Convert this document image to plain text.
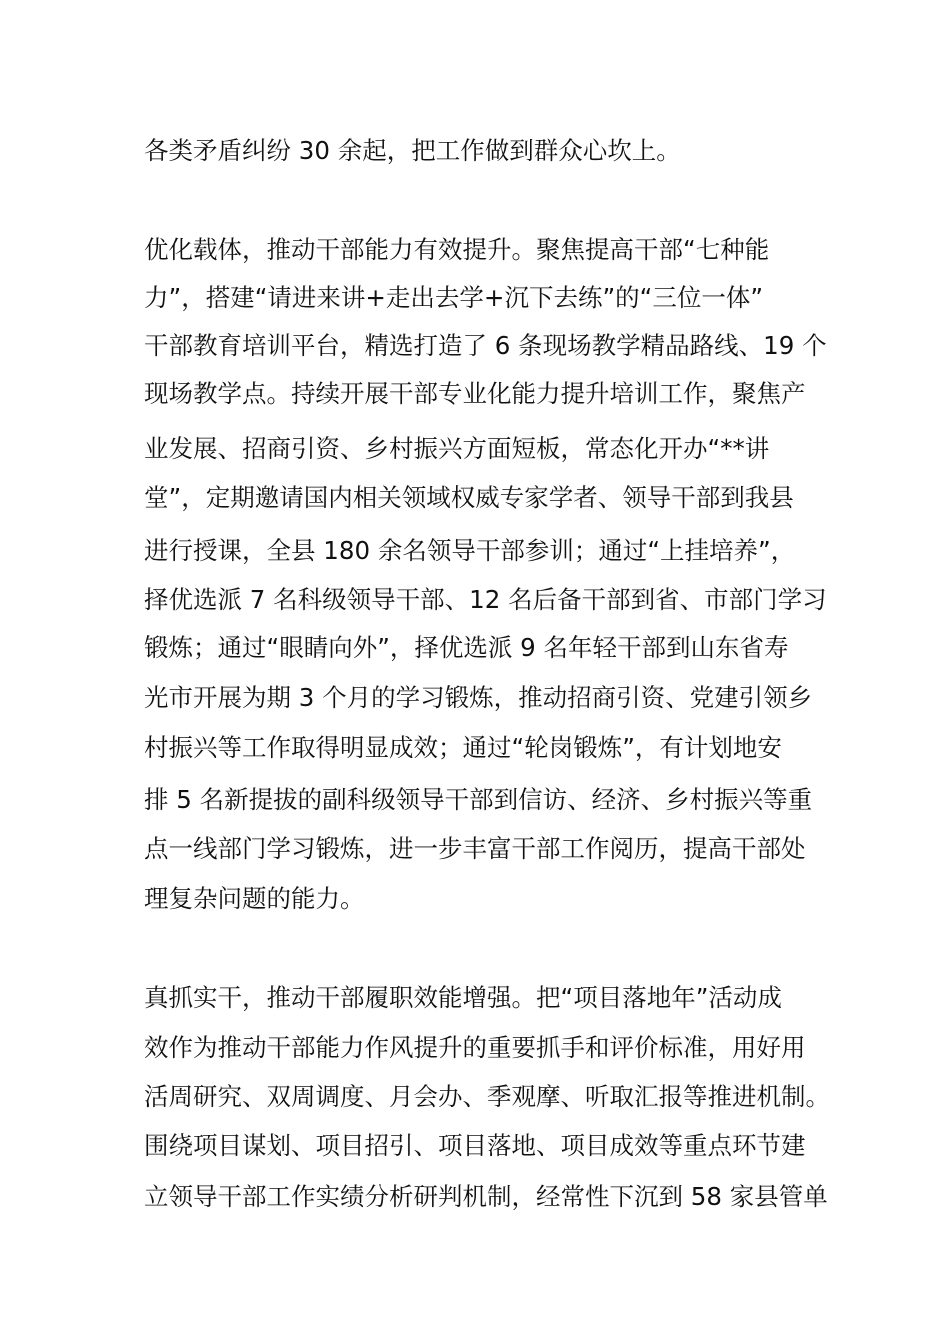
各类矛盾纠纷 30 余起，把工作做到群众心坎上。
优化载体，推动干部能力有效提升。聚焦提高干部“七种能
力”，搭建“请进来讲+走出去学+沉下去练”的“三位一体”
干部教育培训平台，精选打造了 6 条现场教学精品路线、19 个
现场教学点。持续开展干部专业化能力提升培训工作，聚焦产
业发展、招商引资、乡村振兴方面短板，常态化开办“**讲
堂”，定期邀请国内相关领域权威专家学者、领导干部到我县
进行授课，全县 180 余名领导干部参训；通过“上挂培养”，
择优选派 7 名科级领导干部、12 名后备干部到省、市部门学习
锻炼；通过“眼睛向外”，择优选派 9 名年轻干部到山东省寿
光市开展为期 3 个月的学习锻炼，推动招商引资、党建引领乡
村振兴等工作取得明显成效；通过“轮岗锻炼”，有计划地安
排 5 名新提拔的副科级领导干部到信访、经济、乡村振兴等重
点一线部门学习锻炼，进一步丰富干部工作阅历，提高干部处
理复杂问题的能力。
真抓实干，推动干部履职效能增强。把“项目落地年”活动成
效作为推动干部能力作风提升的重要抓手和评价标准，用好用
活周研究、双周调度、月会办、季观摩、听取汇报等推进机制。
围绕项目谋划、项目招引、项目落地、项目成效等重点环节建
立领导干部工作实绩分析研判机制，经常性下沉到 58 家县管单
